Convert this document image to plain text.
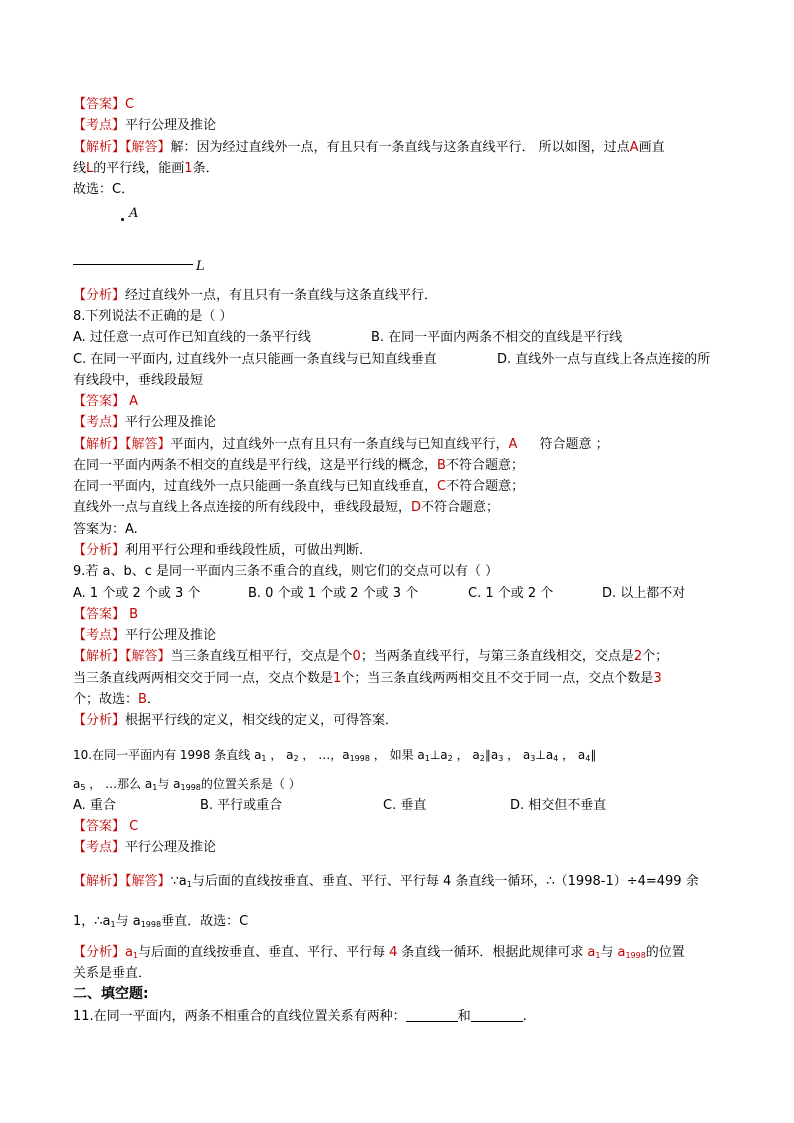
【答案】C
【考点】平行公理及推论
【解析】【解答】解：因为经过直线外一点，有且只有一条直线与这条直线平行． 所以如图，过点A画直
线L的平行线，能画1条．
故选：C．
A
L
【分析】经过直线外一点，有且只有一条直线与这条直线平行．
8.下列说法不正确的是（ ）
A. 过任意一点可作已知直线的一条平行线	B. 在同一平面内两条不相交的直线是平行线
C. 在同一平面内, 过直线外一点只能画一条直线与已知直线垂直	D. 直线外一点与直线上各点连接的所
有线段中，垂线段最短
【答案】 A
【考点】平行公理及推论
【解析】【解答】平面内，过直线外一点有且只有一条直线与已知直线平行，A 符合题意 ；
在同一平面内两条不相交的直线是平行线，这是平行线的概念，B不符合题意；
在同一平面内，过直线外一点只能画一条直线与已知直线垂直，C不符合题意；
直线外一点与直线上各点连接的所有线段中，垂线段最短，D不符合题意；
答案为：A.
【分析】利用平行公理和垂线段性质，可做出判断.
9.若 a、b、c 是同一平面内三条不重合的直线，则它们的交点可以有（ ）
A. 1 个或 2 个或 3 个	B. 0 个或 1 个或 2 个或 3 个	C. 1 个或 2 个	D. 以上都不对
【答案】 B
【考点】平行公理及推论
【解析】【解答】当三条直线互相平行，交点是个0；当两条直线平行，与第三条直线相交，交点是2个；
当三条直线两两相交交于同一点，交点个数是1个；当三条直线两两相交且不交于同一点，交点个数是3
个；故选：B．
【分析】根据平行线的定义，相交线的定义，可得答案．
10.在同一平面内有 1998 条直线 $a_1$ ， $a_2$ ， …，$a_{1998}$ ， 如果 $a_1\perp a_2$ ， $a_2\parallel a_3$ ， $a_3\perp a_4$ ， $a_4\parallel$
$a_5$ ， …那么 $a_1$与 $a_{1998}$的位置关系是（ ）
A. 重合	B. 平行或重合	C. 垂直	D. 相交但不垂直
【答案】 C
【考点】平行公理及推论
【解析】【解答】$\because a_1$与后面的直线按垂直、垂直、平行、平行每 4 条直线一循环，∴（1998-1）÷4=499 余
1，$\therefore a_1$与 $a_{1998}$垂直．故选：C
【分析】$a_1$与后面的直线按垂直、垂直、平行、平行每 4 条直线一循环．根据此规律可求 $a_1$与 $a_{1998}$的位置
关系是垂直．
二、填空题:
11.在同一平面内，两条不相重合的直线位置关系有两种：	和	.
